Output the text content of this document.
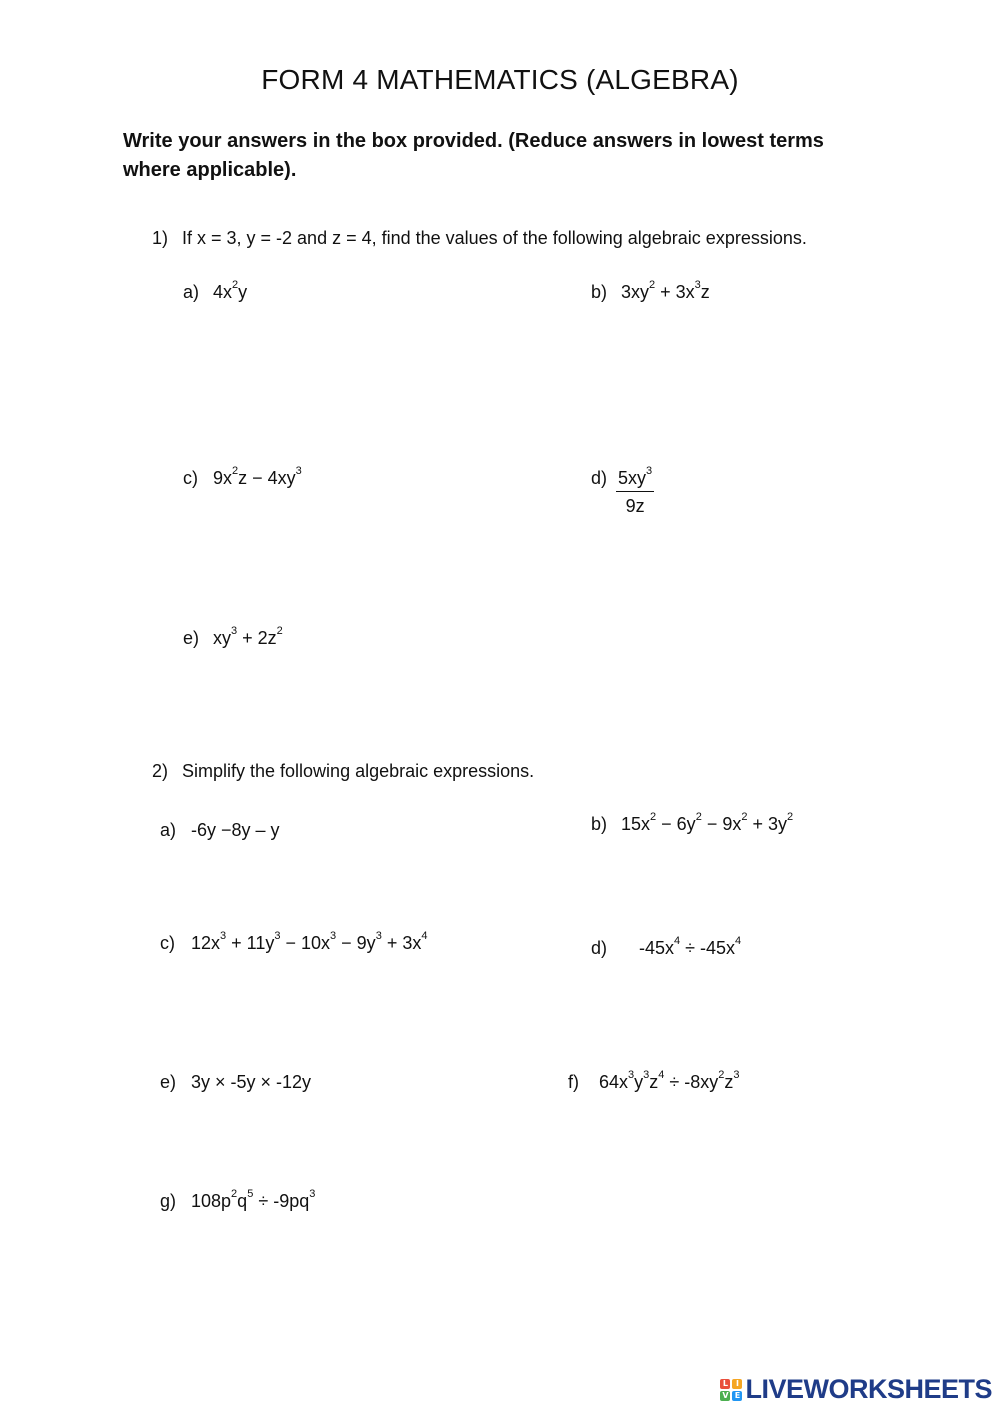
FORM 4 MATHEMATICS (ALGEBRA)
Write your answers in the box provided. (Reduce answers in lowest terms where applicable).
1) If x = 3, y = -2 and z = 4, find the values of the following algebraic expressions.
a) $4x^2y$	b) $3xy^2 + 3x^3z$
c) $9x^2z - 4xy^3$	$d) \frac{5xy^3}{9z}$
e) $xy^3 + 2z^2$
2) Simplify the following algebraic expressions.
a) -6y −8y – y	b) $15x^2 - 6y^2 - 9x^2 + 3y^2$
c) $12x^3 + 11y^3 - 10x^3 - 9y^3 + 3x^4$
d) $-45x^4 \div -45x^4$
e) 3y × -5y × -12y	f) $64x^3y^3z^4 \div -8xy^2z^3$
g) $108p^2q^5 \div -9pq^3$
L I
V E LIVEWORKSHEETS
